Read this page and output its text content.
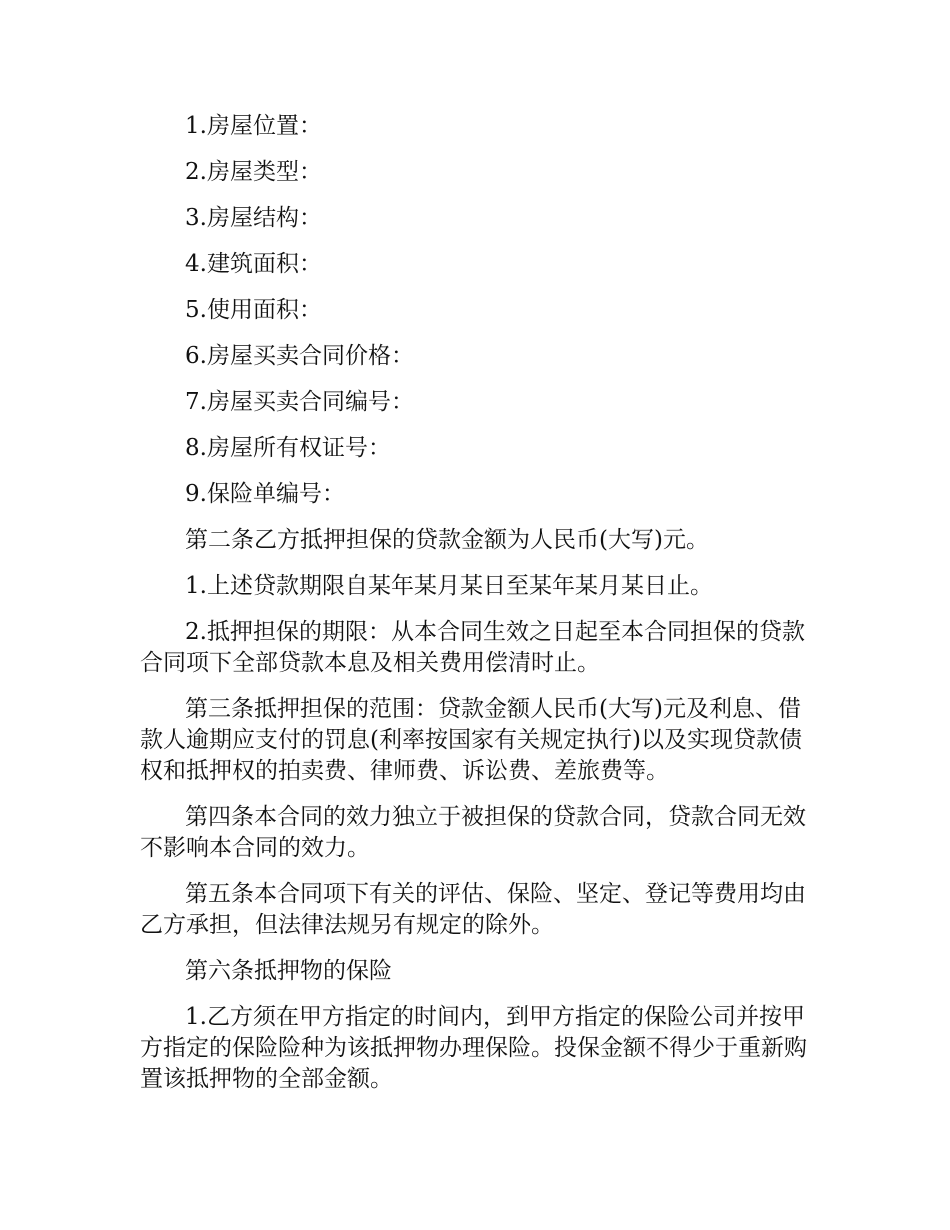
1.房屋位置：

2.房屋类型：

3.房屋结构：

4.建筑面积：

5.使用面积：

6.房屋买卖合同价格：

7.房屋买卖合同编号：

8.房屋所有权证号：

9.保险单编号：

第二条乙方抵押担保的贷款金额为人民币(大写)元。

1.上述贷款期限自某年某月某日至某年某月某日止。

2.抵押担保的期限：从本合同生效之日起至本合同担保的贷款合同项下全部贷款本息及相关费用偿清时止。

第三条抵押担保的范围：贷款金额人民币(大写)元及利息、借款人逾期应支付的罚息(利率按国家有关规定执行)以及实现贷款债权和抵押权的拍卖费、律师费、诉讼费、差旅费等。

第四条本合同的效力独立于被担保的贷款合同，贷款合同无效不影响本合同的效力。

第五条本合同项下有关的评估、保险、坚定、登记等费用均由乙方承担，但法律法规另有规定的除外。

第六条抵押物的保险

1.乙方须在甲方指定的时间内，到甲方指定的保险公司并按甲方指定的保险险种为该抵押物办理保险。投保金额不得少于重新购置该抵押物的全部金额。
